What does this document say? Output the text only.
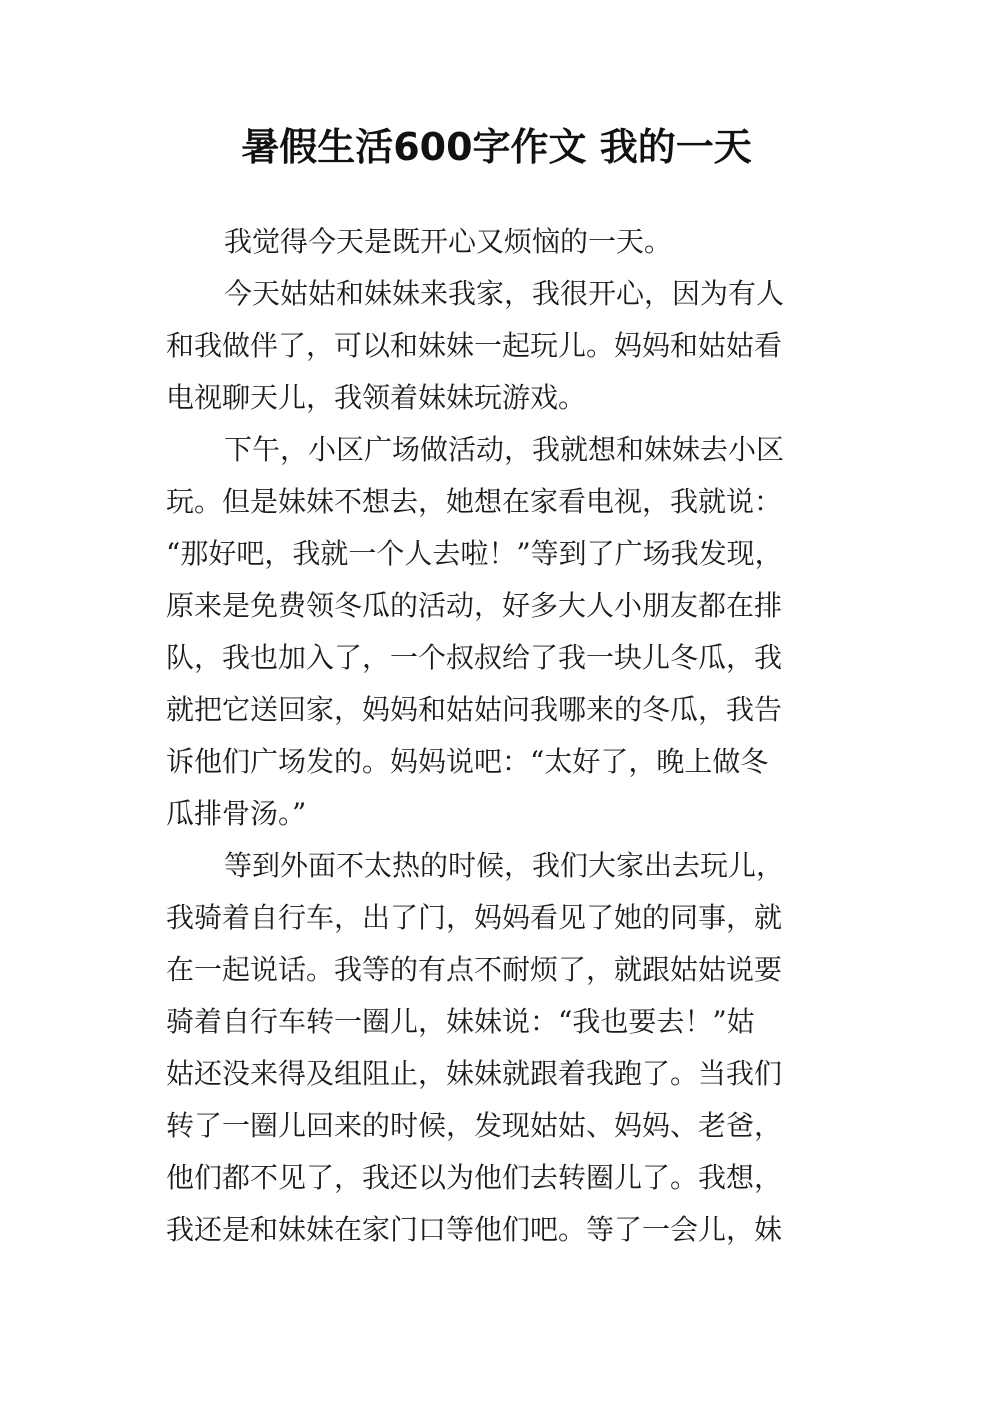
暑假生活600字作文 我的一天
我觉得今天是既开心又烦恼的一天。
今天姑姑和妹妹来我家，我很开心，因为有人
和我做伴了，可以和妹妹一起玩儿。妈妈和姑姑看
电视聊天儿，我领着妹妹玩游戏。
下午，小区广场做活动，我就想和妹妹去小区
玩。但是妹妹不想去，她想在家看电视，我就说：
“那好吧，我就一个人去啦！”等到了广场我发现，
原来是免费领冬瓜的活动，好多大人小朋友都在排
队，我也加入了，一个叔叔给了我一块儿冬瓜，我
就把它送回家，妈妈和姑姑问我哪来的冬瓜，我告
诉他们广场发的。妈妈说吧：“太好了，晚上做冬
瓜排骨汤。”
等到外面不太热的时候，我们大家出去玩儿，
我骑着自行车，出了门，妈妈看见了她的同事，就
在一起说话。我等的有点不耐烦了，就跟姑姑说要
骑着自行车转一圈儿，妹妹说：“我也要去！”姑
姑还没来得及组阻止，妹妹就跟着我跑了。当我们
转了一圈儿回来的时候，发现姑姑、妈妈、老爸，
他们都不见了，我还以为他们去转圈儿了。我想，
我还是和妹妹在家门口等他们吧。等了一会儿，妹
